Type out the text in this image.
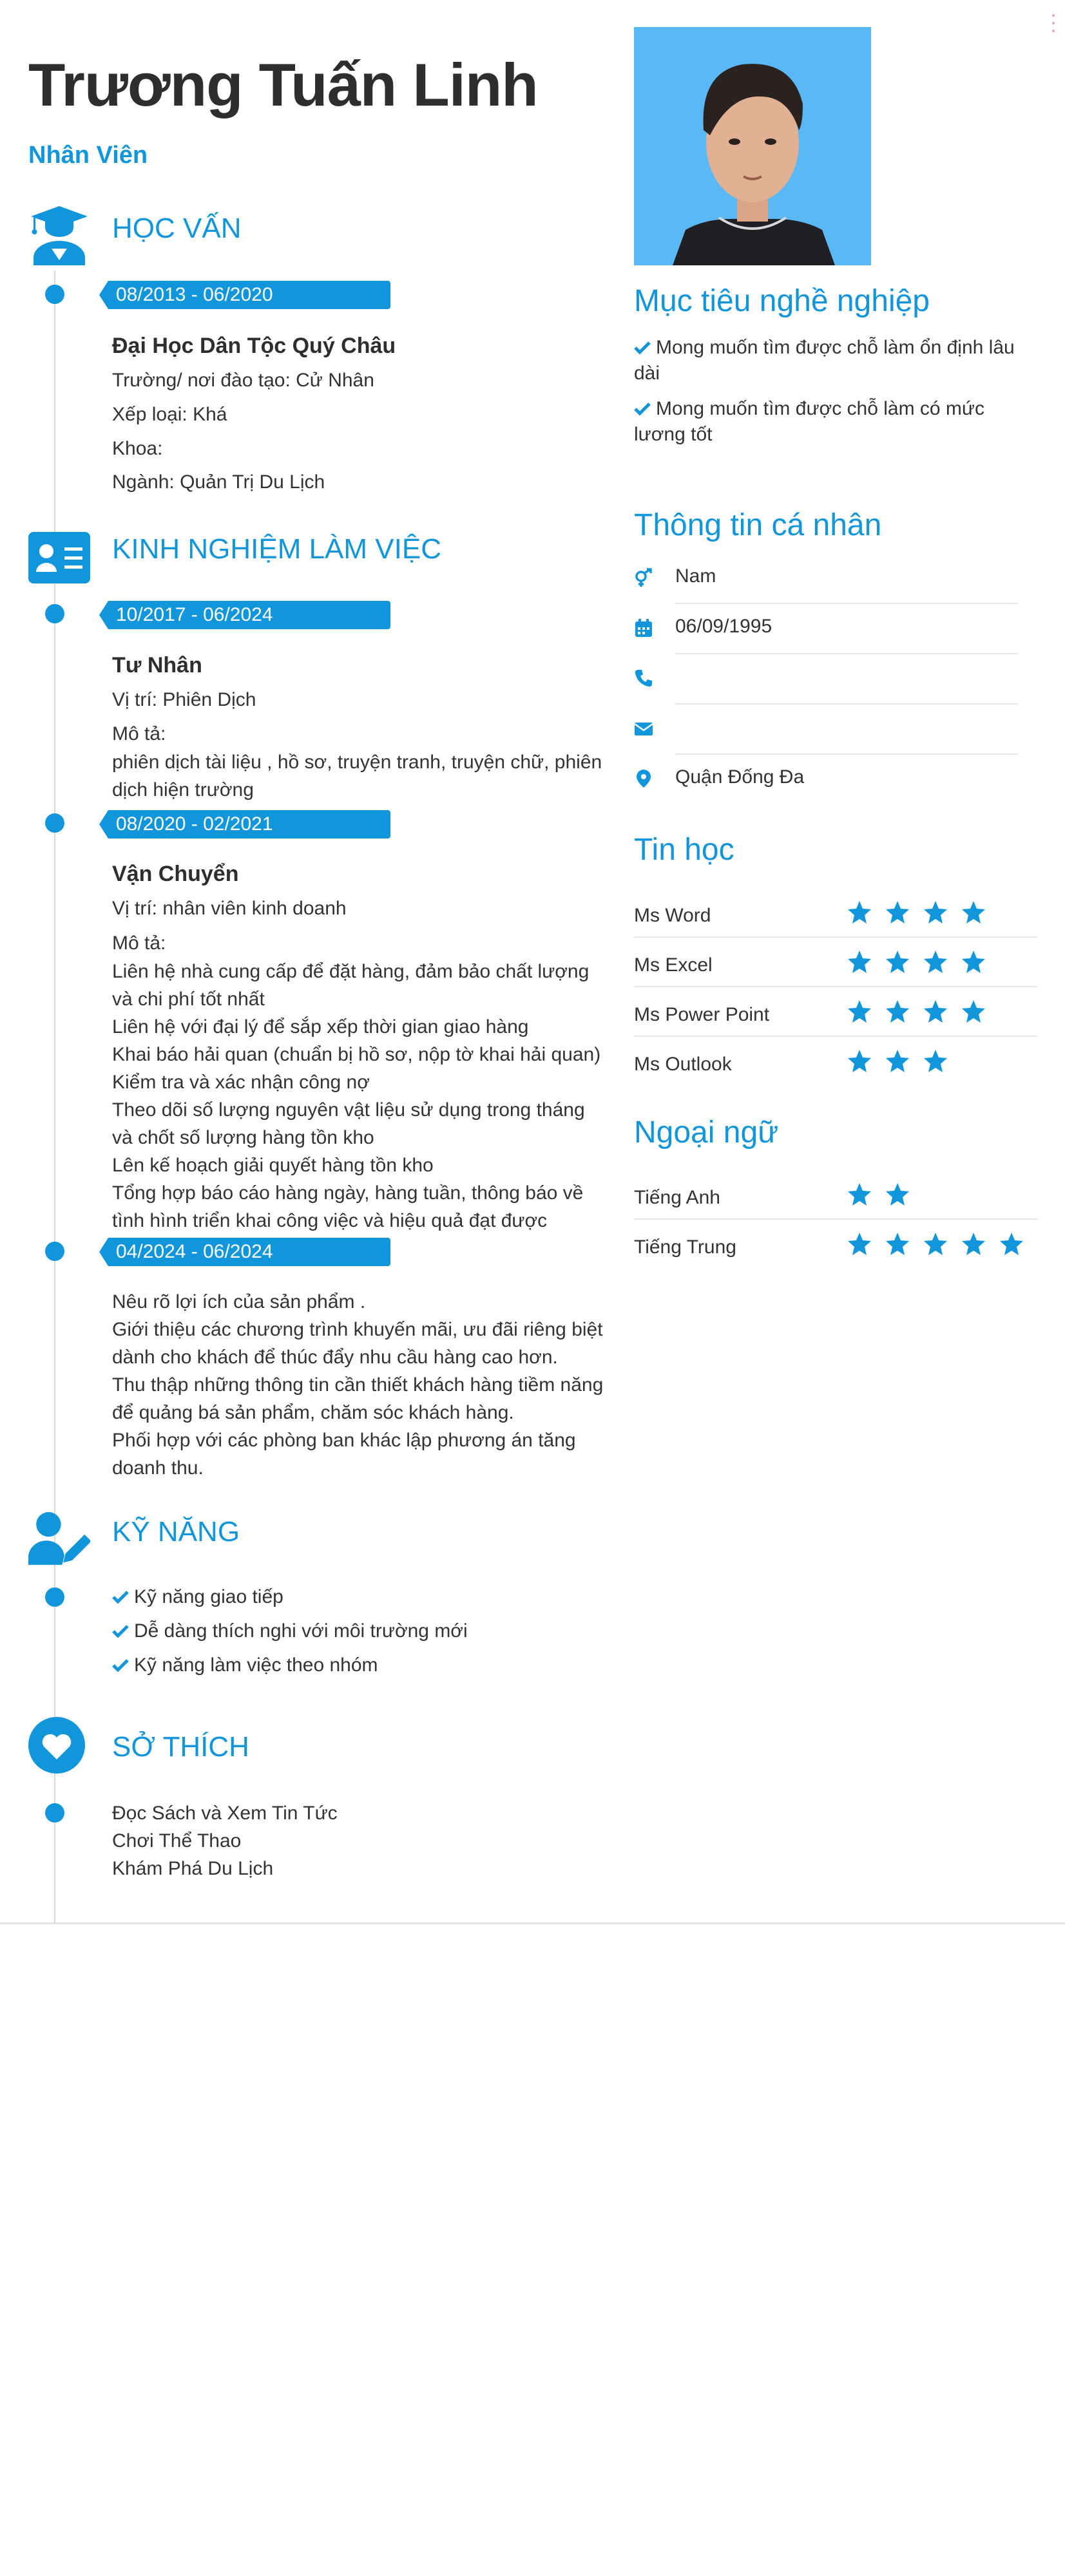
Trương Tuấn Linh
Nhân Viên
HỌC VẤN
08/2013 - 06/2020
Đại Học Dân Tộc Quý Châu
Trường/ nơi đào tạo: Cử Nhân
Xếp loại: Khá
Khoa:
Ngành: Quản Trị Du Lịch
KINH NGHIỆM LÀM VIỆC
10/2017 - 06/2024
Tư Nhân
Vị trí: Phiên Dịch
Mô tả:
phiên dịch tài liệu , hồ sơ, truyện tranh, truyện chữ, phiên dịch hiện trường
08/2020 - 02/2021
Vận Chuyển
Vị trí: nhân viên kinh doanh
Mô tả:
Liên hệ nhà cung cấp để đặt hàng, đảm bảo chất lượng và chi phí tốt nhất
Liên hệ với đại lý để sắp xếp thời gian giao hàng
Khai báo hải quan (chuẩn bị hồ sơ, nộp tờ khai hải quan)
Kiểm tra và xác nhận công nợ
Theo dõi số lượng nguyên vật liệu sử dụng trong tháng và chốt số lượng hàng tồn kho
Lên kế hoạch giải quyết hàng tồn kho
Tổng hợp báo cáo hàng ngày, hàng tuần, thông báo về tình hình triển khai công việc và hiệu quả đạt được
04/2024 - 06/2024
Nêu rõ lợi ích của sản phẩm .
Giới thiệu các chương trình khuyến mãi, ưu đãi riêng biệt dành cho khách để thúc đẩy nhu cầu hàng cao hơn.
Thu thập những thông tin cần thiết khách hàng tiềm năng để quảng bá sản phẩm, chăm sóc khách hàng.
Phối hợp với các phòng ban khác lập phương án tăng doanh thu.
KỸ NĂNG
Kỹ năng giao tiếp
Dễ dàng thích nghi với môi trường mới
Kỹ năng làm việc theo nhóm
SỞ THÍCH
Đọc Sách và Xem Tin Tức
Chơi Thể Thao
Khám Phá Du Lịch
Mục tiêu nghề nghiệp
Mong muốn tìm được chỗ làm ổn định lâu dài
Mong muốn tìm được chỗ làm có mức lương tốt
Thông tin cá nhân
Nam
06/09/1995
Quận Đống Đa
Tin học
Ms Word
Ms Excel
Ms Power Point
Ms Outlook
Ngoại ngữ
Tiếng Anh
Tiếng Trung
